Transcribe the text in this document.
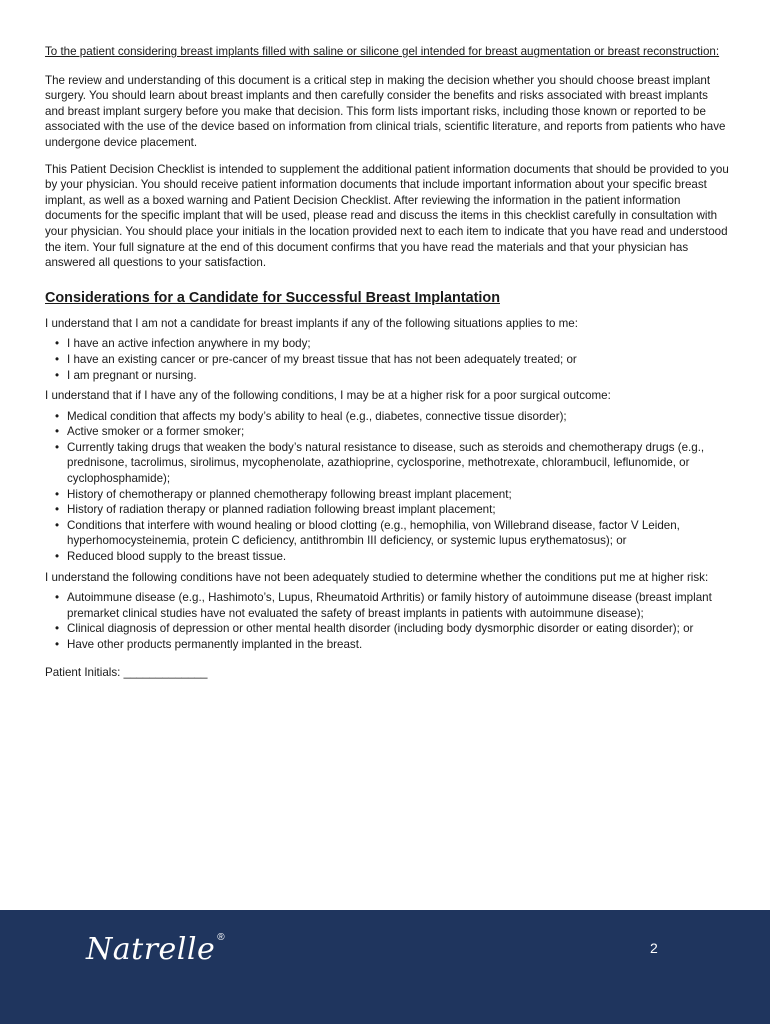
To the patient considering breast implants filled with saline or silicone gel intended for breast augmentation or breast reconstruction:

The review and understanding of this document is a critical step in making the decision whether you should choose breast implant surgery. You should learn about breast implants and then carefully consider the benefits and risks associated with breast implants and breast implant surgery before you make that decision. This form lists important risks, including those known or reported to be associated with the use of the device based on information from clinical trials, scientific literature, and reports from patients who have undergone device placement.

This Patient Decision Checklist is intended to supplement the additional patient information documents that should be provided to you by your physician. You should receive patient information documents that include important information about your specific breast implant, as well as a boxed warning and Patient Decision Checklist. After reviewing the information in the patient information documents for the specific implant that will be used, please read and discuss the items in this checklist carefully in consultation with your physician. You should place your initials in the location provided next to each item to indicate that you have read and understood the item. Your full signature at the end of this document confirms that you have read the materials and that your physician has answered all questions to your satisfaction.

Considerations for a Candidate for Successful Breast Implantation

I understand that I am not a candidate for breast implants if any of the following situations applies to me:

• I have an active infection anywhere in my body;
• I have an existing cancer or pre-cancer of my breast tissue that has not been adequately treated; or
• I am pregnant or nursing.

I understand that if I have any of the following conditions, I may be at a higher risk for a poor surgical outcome:

• Medical condition that affects my body’s ability to heal (e.g., diabetes, connective tissue disorder);
• Active smoker or a former smoker;
• Currently taking drugs that weaken the body’s natural resistance to disease, such as steroids and chemotherapy drugs (e.g., prednisone, tacrolimus, sirolimus, mycophenolate, azathioprine, cyclosporine, methotrexate, chlorambucil, leflunomide, or cyclophosphamide);
• History of chemotherapy or planned chemotherapy following breast implant placement;
• History of radiation therapy or planned radiation following breast implant placement;
• Conditions that interfere with wound healing or blood clotting (e.g., hemophilia, von Willebrand disease, factor V Leiden, hyperhomocysteinemia, protein C deficiency, antithrombin III deficiency, or systemic lupus erythematosus); or
• Reduced blood supply to the breast tissue.

I understand the following conditions have not been adequately studied to determine whether the conditions put me at higher risk:

• Autoimmune disease (e.g., Hashimoto’s, Lupus, Rheumatoid Arthritis) or family history of autoimmune disease (breast implant premarket clinical studies have not evaluated the safety of breast implants in patients with autoimmune disease);
• Clinical diagnosis of depression or other mental health disorder (including body dysmorphic disorder or eating disorder); or
• Have other products permanently implanted in the breast.

Patient Initials: _____________

Natrelle ®
2
